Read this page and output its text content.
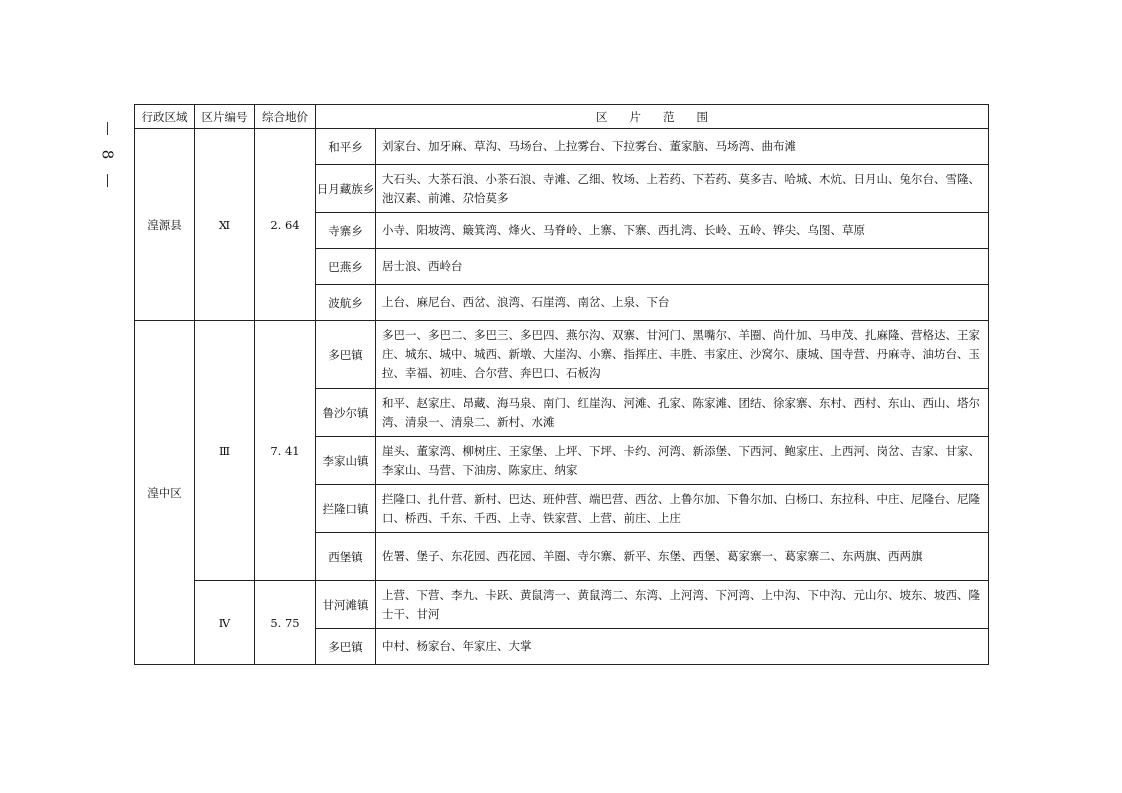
8
行政区域	区片编号	综合地价	区 片 范 围	
湟源县	Ⅺ	2. 64	和平乡	刘家台、加牙麻、草沟、马场台、上拉雾台、下拉雾台、董家脑、马场湾、曲布滩
			日月藏族乡	大石头、大茶石浪、小茶石浪、寺滩、乙细、牧场、上若药、下若药、莫多吉、哈城、木炕、日月山、兔尔台、雪隆、池汉素、前滩、尕恰莫多
			寺寨乡	小寺、阳坡湾、簸箕湾、烽火、马脊岭、上寨、下寨、西扎湾、长岭、五岭、铧尖、乌图、草原
			巴燕乡	居士浪、西岭台
			波航乡	上台、麻尼台、西岔、浪湾、石崖湾、南岔、上泉、下台
湟中区	Ⅲ	7. 41	多巴镇	多巴一、多巴二、多巴三、多巴四、燕尔沟、双寨、甘河门、黑嘴尔、羊圈、尚什加、马申茂、扎麻隆、营格达、王家庄、城东、城中、城西、新墩、大崖沟、小寨、指挥庄、丰胜、韦家庄、沙窝尔、康城、国寺营、丹麻寺、油坊台、玉拉、幸福、初哇、合尔营、奔巴口、石板沟
			鲁沙尔镇	和平、赵家庄、昂藏、海马泉、南门、红崖沟、河滩、孔家、陈家滩、团结、徐家寨、东村、西村、东山、西山、塔尔湾、清泉一、清泉二、新村、水滩
			李家山镇	崖头、董家湾、柳树庄、王家堡、上坪、下坪、卡约、河湾、新添堡、下西河、鲍家庄、上西河、岗岔、吉家、甘家、李家山、马营、下油房、陈家庄、纳家
			拦隆口镇	拦隆口、扎什营、新村、巴达、班仲营、端巴营、西岔、上鲁尔加、下鲁尔加、白杨口、东拉科、中庄、尼隆台、尼隆口、桥西、千东、千西、上寺、铁家营、上营、前庄、上庄
			西堡镇	佐署、堡子、东花园、西花园、羊圈、寺尔寨、新平、东堡、西堡、葛家寨一、葛家寨二、东两旗、西两旗
	Ⅳ	5. 75	甘河滩镇	上营、下营、李九、卡跃、黄鼠湾一、黄鼠湾二、东湾、上河湾、下河湾、上中沟、下中沟、元山尔、坡东、坡西、隆士干、甘河
			多巴镇	中村、杨家台、年家庄、大掌
